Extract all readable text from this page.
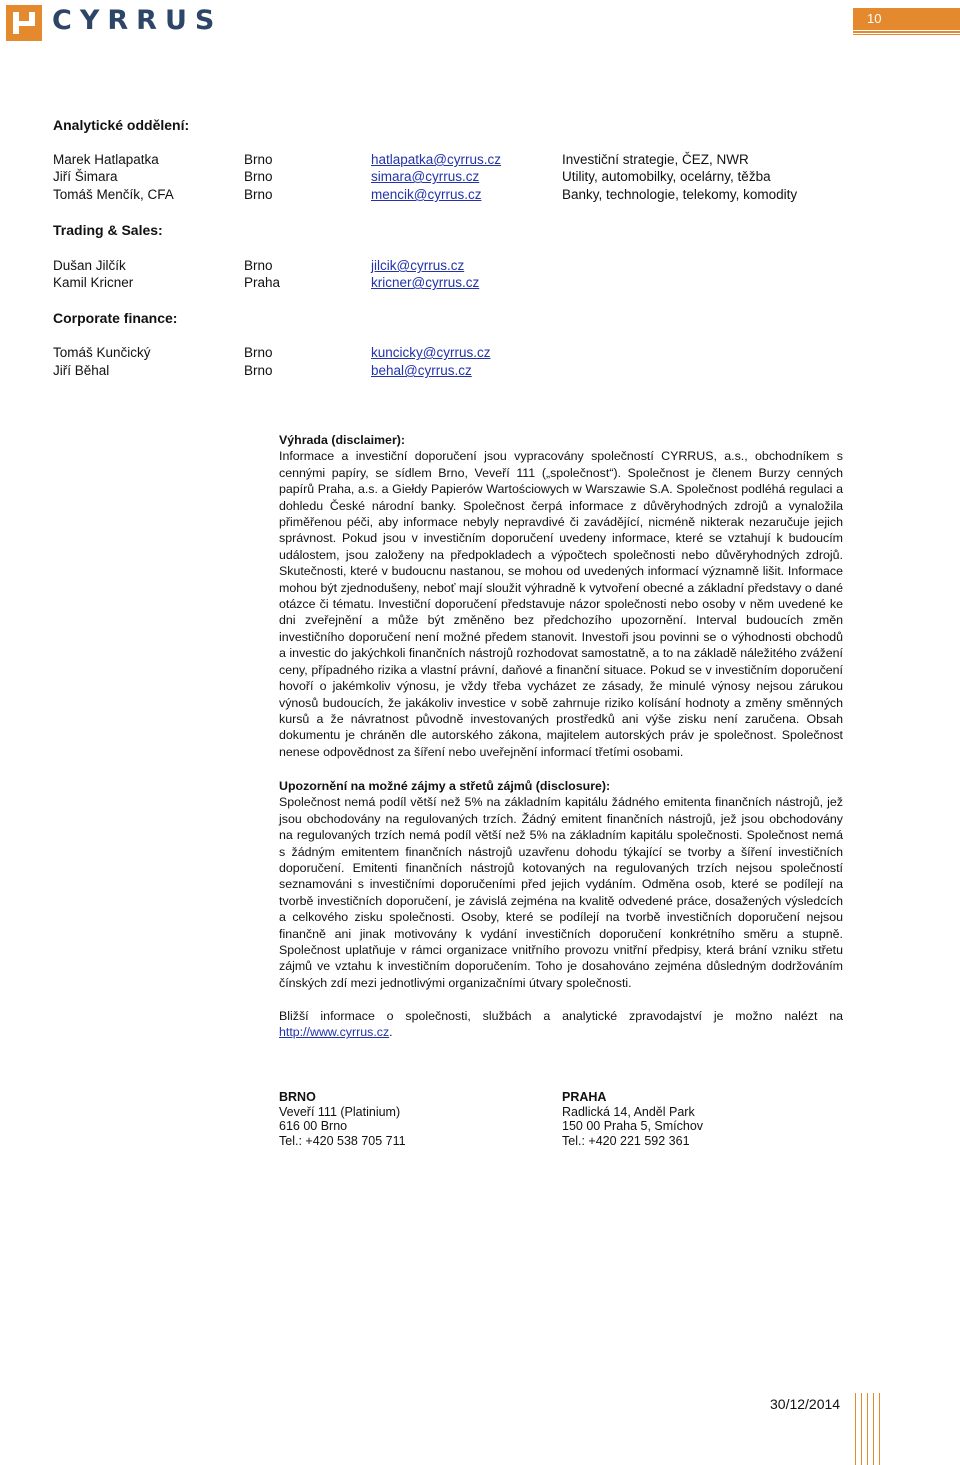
CYRRUS	10
Analytické oddělení:
Marek Hatlapatka	Brno	hatlapatka@cyrrus.cz	Investiční strategie, ČEZ, NWR
Jiří Šimara	Brno	simara@cyrrus.cz	Utility, automobilky, ocelárny, těžba
Tomáš Menčík, CFA	Brno	mencik@cyrrus.cz	Banky, technologie, telekomy, komodity
Trading & Sales:
Dušan Jilčík	Brno	jilcik@cyrrus.cz
Kamil Kricner	Praha	kricner@cyrrus.cz
Corporate finance:
Tomáš Kunčický	Brno	kuncicky@cyrrus.cz
Jiří Běhal	Brno	behal@cyrrus.cz
Výhrada (disclaimer):

Informace a investiční doporučení jsou vypracovány společností CYRRUS, a.s., obchodníkem s cennými papíry, se sídlem Brno, Veveří 111 („společnost“). Společnost je členem Burzy cenných papírů Praha, a.s. a Giełdy Papierów Wartościowych w Warszawie S.A. Společnost podléhá regulaci a dohledu České národní banky. Společnost čerpá informace z důvěryhodných zdrojů a vynaložila přiměřenou péči, aby informace nebyly nepravdivé či zavádějící, nicméně nikterak nezaručuje jejich správnost. Pokud jsou v investičním doporučení uvedeny informace, které se vztahují k budoucím událostem, jsou založeny na předpokladech a výpočtech společnosti nebo důvěryhodných zdrojů. Skutečnosti, které v budoucnu nastanou, se mohou od uvedených informací významně lišit. Informace mohou být zjednodušeny, neboť mají sloužit výhradně k vytvoření obecné a základní představy o dané otázce či tématu. Investiční doporučení představuje názor společnosti nebo osoby v něm uvedené ke dni zveřejnění a může být změněno bez předchozího upozornění. Interval budoucích změn investičního doporučení není možné předem stanovit. Investoři jsou povinni se o výhodnosti obchodů a investic do jakýchkoli finančních nástrojů rozhodovat samostatně, a to na základě náležitého zvážení ceny, případného rizika a vlastní právní, daňové a finanční situace. Pokud se v investičním doporučení hovoří o jakémkoliv výnosu, je vždy třeba vycházet ze zásady, že minulé výnosy nejsou zárukou výnosů budoucích, že jakákoliv investice v sobě zahrnuje riziko kolísání hodnoty a změny směnných kursů a že návratnost původně investovaných prostředků ani výše zisku není zaručena. Obsah dokumentu je chráněn dle autorského zákona, majitelem autorských práv je společnost. Společnost nenese odpovědnost za šíření nebo uveřejnění informací třetími osobami.

Upozornění na možné zájmy a střetů zájmů (disclosure):

Společnost nemá podíl větší než 5% na základním kapitálu žádného emitenta finančních nástrojů, jež jsou obchodovány na regulovaných trzích. Žádný emitent finančních nástrojů, jež jsou obchodovány na regulovaných trzích nemá podíl větší než 5% na základním kapitálu společnosti. Společnost nemá s žádným emitentem finančních nástrojů uzavřenu dohodu týkající se tvorby a šíření investičních doporučení. Emitenti finančních nástrojů kotovaných na regulovaných trzích nejsou společností seznamováni s investičními doporučeními před jejich vydáním. Odměna osob, které se podílejí na tvorbě investičních doporučení, je závislá zejména na kvalitě odvedené práce, dosažených výsledcích a celkového zisku společnosti. Osoby, které se podílejí na tvorbě investičních doporučení nejsou finančně ani jinak motivovány k vydání investičních doporučení konkrétního směru a stupně. Společnost uplatňuje v rámci organizace vnitřního provozu vnitřní předpisy, která brání vzniku střetu zájmů ve vztahu k investičním doporučením. Toho je dosahováno zejména důsledným dodržováním čínských zdí mezi jednotlivými organizačními útvary společnosti.

Bližší informace o společnosti, službách a analytické zpravodajství je možno nalézt na http://www.cyrrus.cz.

BRNO
Veveří 111 (Platinium)
616 00 Brno
Tel.: +420 538 705 711
PRAHA
Radlická 14, Anděl Park
150 00 Praha 5, Smíchov
Tel.: +420 221 592 361
30/12/2014
